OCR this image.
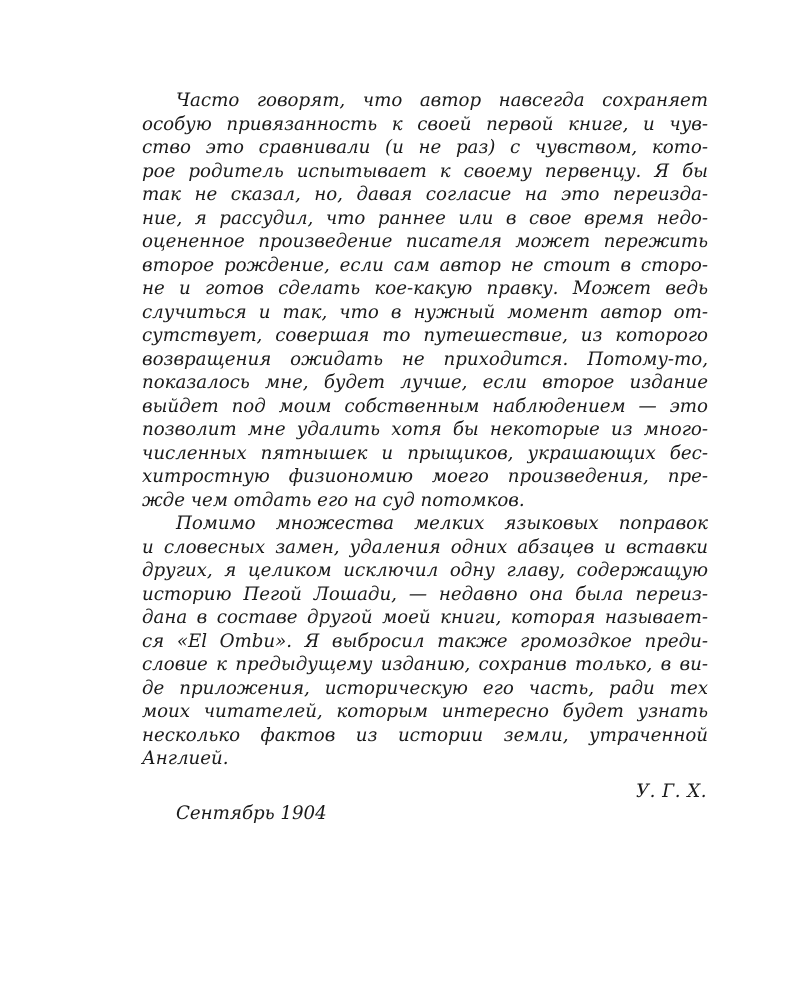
Часто говорят, что автор навсегда сохраняет
особую привязанность к своей первой книге, и чув-
ство это сравнивали (и не раз) с чувством, кото-
рое родитель испытывает к своему первенцу. Я бы
так не сказал, но, давая согласие на это переизда-
ние, я рассудил, что раннее или в свое время недо-
оцененное произведение писателя может пережить
второе рождение, если сам автор не стоит в сторо-
не и готов сделать кое-какую правку. Может ведь
случиться и так, что в нужный момент автор от-
сутствует, совершая то путешествие, из которого
возвращения ожидать не приходится. Потому-то,
показалось мне, будет лучше, если второе издание
выйдет под моим собственным наблюдением — это
позволит мне удалить хотя бы некоторые из много-
численных пятнышек и прыщиков, украшающих бес-
хитростную физиономию моего произведения, пре-
жде чем отдать его на суд потомков.
Помимо множества мелких языковых поправок
и словесных замен, удаления одних абзацев и вставки
других, я целиком исключил одну главу, содержащую
историю Пегой Лошади, — недавно она была переиз-
дана в составе другой моей книги, которая называет-
ся «El Ombu». Я выбросил также громоздкое преди-
словие к предыдущему изданию, сохранив только, в ви-
де приложения, историческую его часть, ради тех
моих читателей, которым интересно будет узнать
несколько фактов из истории земли, утраченной
Англией.
У. Г. Х.
Сентябрь 1904
